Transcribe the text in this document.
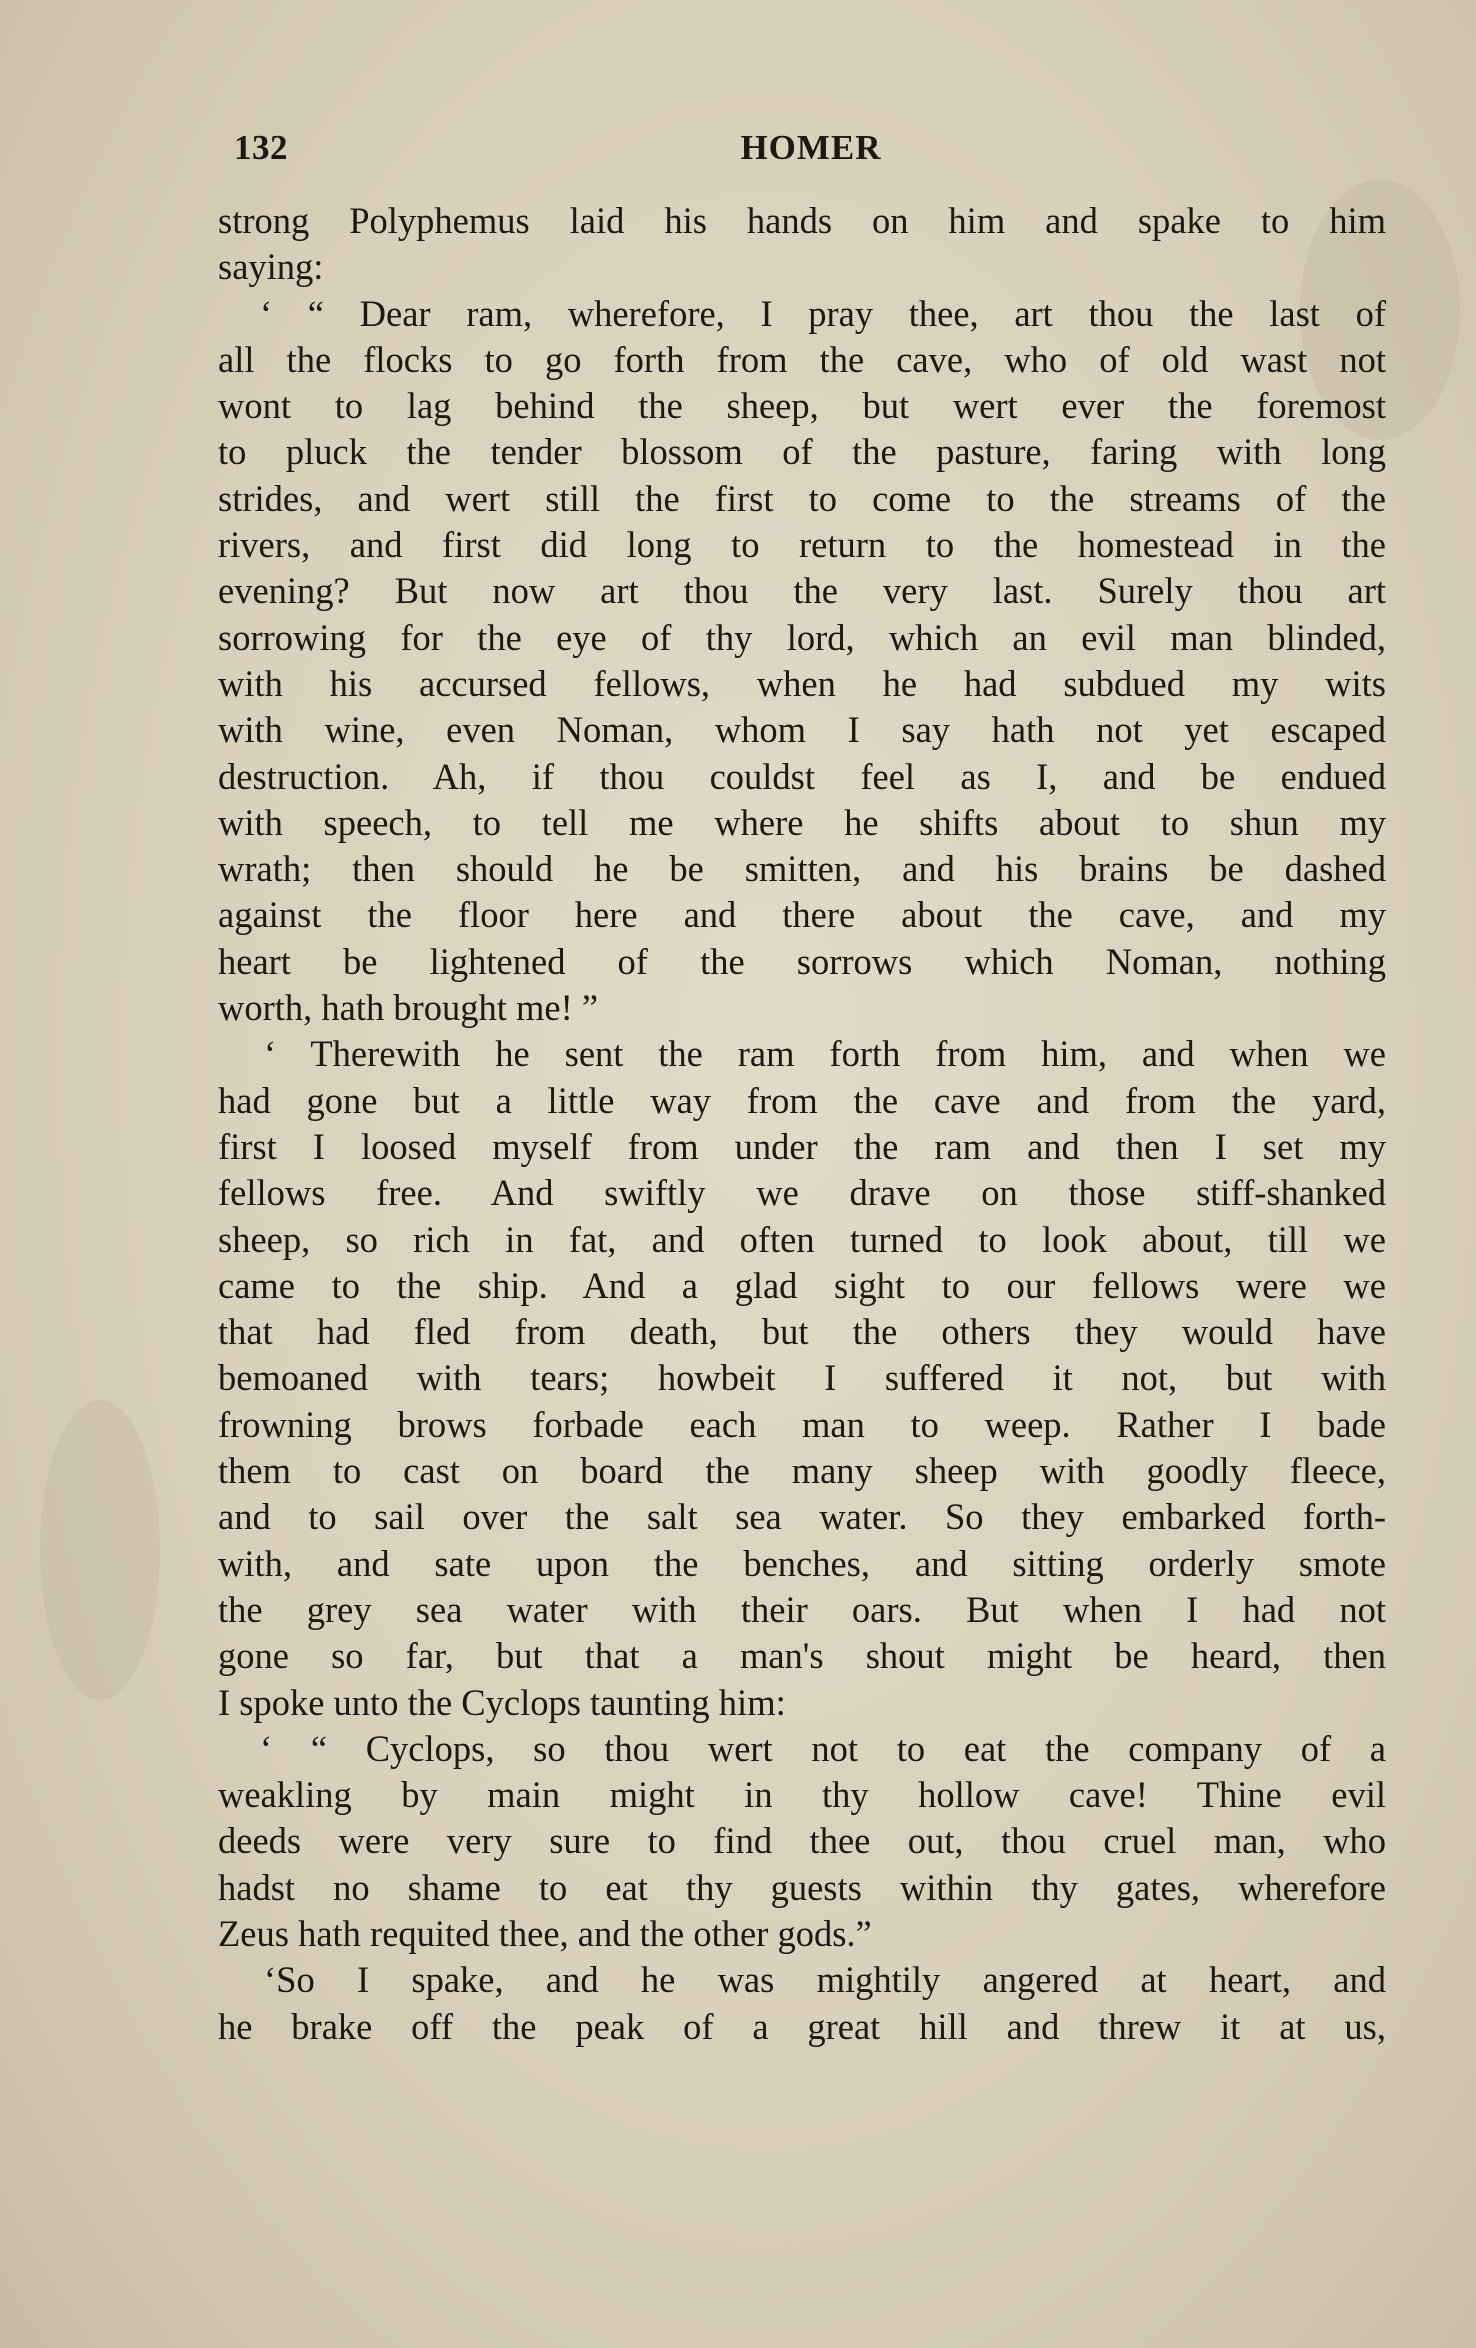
132	HOMER
strong Polyphemus laid his hands on him and spake to him
saying:
‘ “ Dear ram, wherefore, I pray thee, art thou the last of
all the flocks to go forth from the cave, who of old wast not
wont to lag behind the sheep, but wert ever the foremost
to pluck the tender blossom of the pasture, faring with long
strides, and wert still the first to come to the streams of the
rivers, and first did long to return to the homestead in the
evening? But now art thou the very last. Surely thou art
sorrowing for the eye of thy lord, which an evil man blinded,
with his accursed fellows, when he had subdued my wits
with wine, even Noman, whom I say hath not yet escaped
destruction. Ah, if thou couldst feel as I, and be endued
with speech, to tell me where he shifts about to shun my
wrath; then should he be smitten, and his brains be dashed
against the floor here and there about the cave, and my
heart be lightened of the sorrows which Noman, nothing
worth, hath brought me! ”
‘ Therewith he sent the ram forth from him, and when we
had gone but a little way from the cave and from the yard,
first I loosed myself from under the ram and then I set my
fellows free. And swiftly we drave on those stiff-shanked
sheep, so rich in fat, and often turned to look about, till we
came to the ship. And a glad sight to our fellows were we
that had fled from death, but the others they would have
bemoaned with tears; howbeit I suffered it not, but with
frowning brows forbade each man to weep. Rather I bade
them to cast on board the many sheep with goodly fleece,
and to sail over the salt sea water. So they embarked forth-
with, and sate upon the benches, and sitting orderly smote
the grey sea water with their oars. But when I had not
gone so far, but that a man's shout might be heard, then
I spoke unto the Cyclops taunting him:
‘ “ Cyclops, so thou wert not to eat the company of a
weakling by main might in thy hollow cave! Thine evil
deeds were very sure to find thee out, thou cruel man, who
hadst no shame to eat thy guests within thy gates, wherefore
Zeus hath requited thee, and the other gods.”
‘So I spake, and he was mightily angered at heart, and
he brake off the peak of a great hill and threw it at us,
